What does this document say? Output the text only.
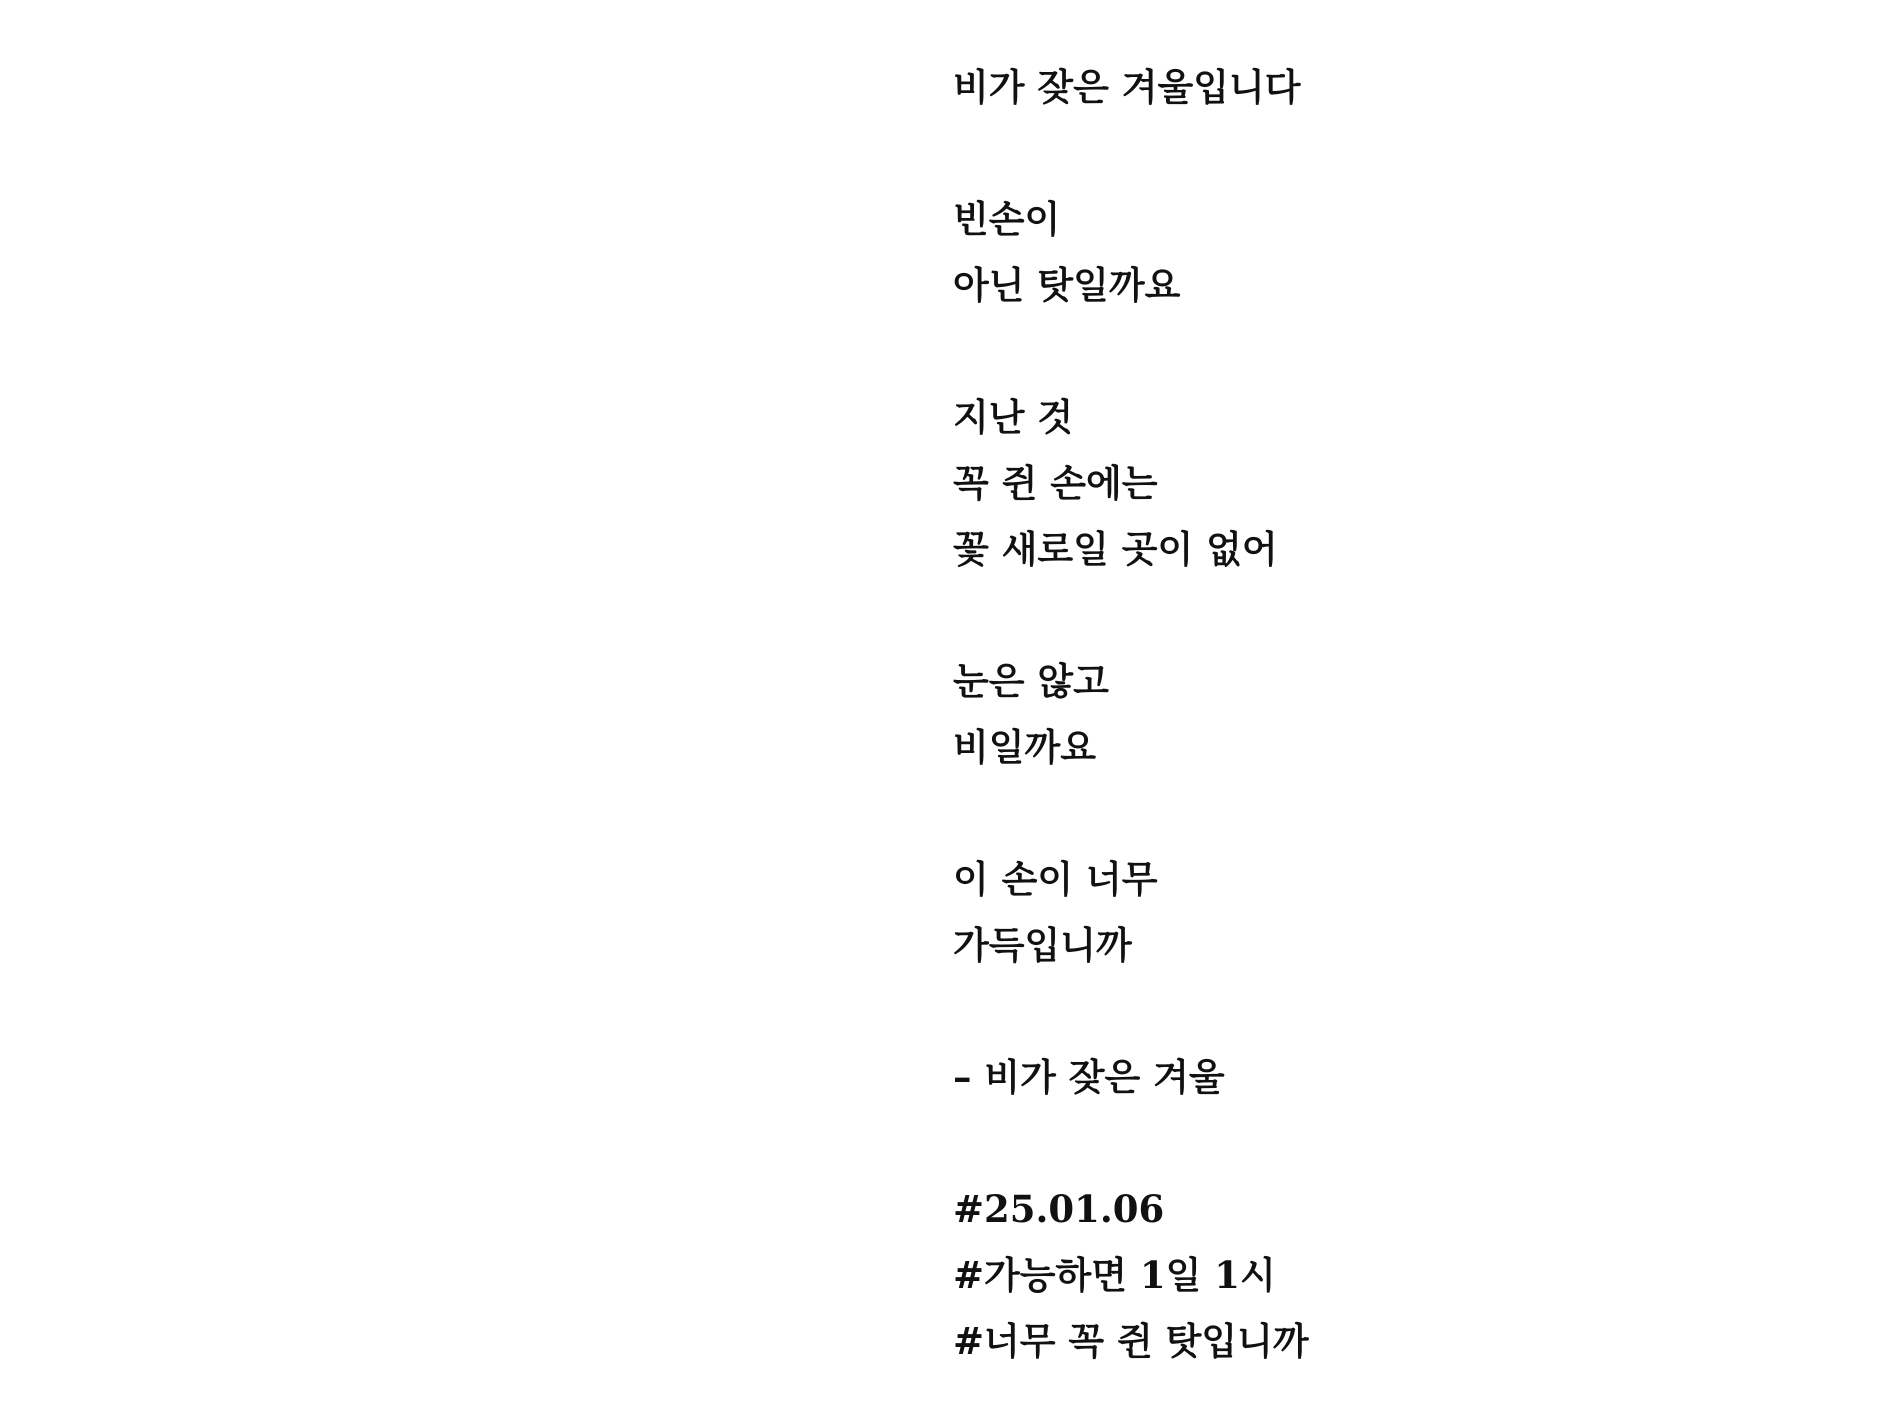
비가 잦은 겨울입니다
빈손이
아닌 탓일까요
지난 것
꼭 쥔 손에는
꽃 새로일 곳이 없어
눈은 않고
비일까요
이 손이 너무
가득입니까
– 비가 잦은 겨울
#25.01.06
#가능하면 1일 1시
#너무 꼭 쥔 탓입니까
